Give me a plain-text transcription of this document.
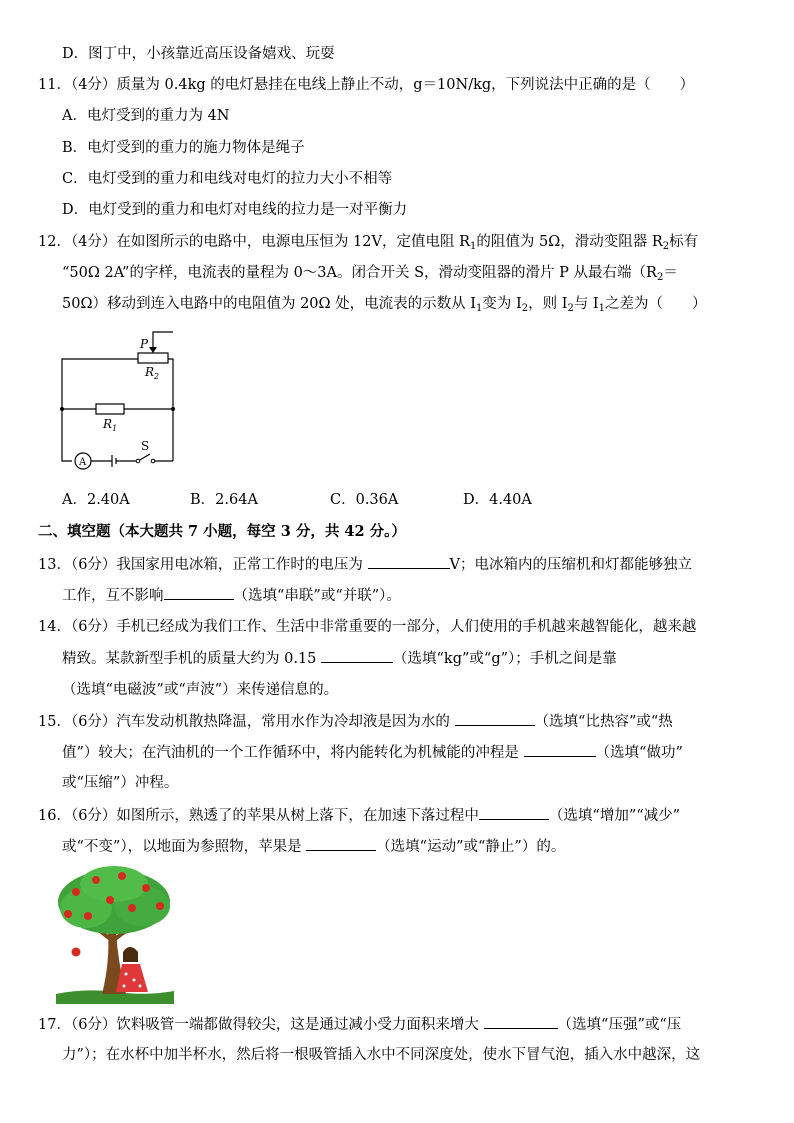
D．图丁中，小孩靠近高压设备嬉戏、玩耍
11．（4分）质量为 0.4kg 的电灯悬挂在电线上静止不动，g＝10N/kg，下列说法中正确的是（　　）
A．电灯受到的重力为 4N
B．电灯受到的重力的施力物体是绳子
C．电灯受到的重力和电线对电灯的拉力大小不相等
D．电灯受到的重力和电灯对电线的拉力是一对平衡力
12．（4分）在如图所示的电路中，电源电压恒为 12V，定值电阻 $R_1$的阻值为 5Ω，滑动变阻器 $R_2$标有
“50Ω 2A”的字样，电流表的量程为 0～3A。闭合开关 S，滑动变阻器的滑片 P 从最右端（$R_2=$
50Ω）移动到连入电路中的电阻值为 20Ω 处，电流表的示数从 $I_1$变为 $I_2$，则 $I_2$与 $I_1$之差为（　　）
P
$R_2$
$R_1$
S
A
A．2.40A	B．2.64A	C．0.36A	D．4.40A
二、填空题（本大题共 7 小题，每空 3 分，共 42 分。）
13．（6分）我国家用电冰箱，正常工作时的电压为	V；电冰箱内的压缩机和灯都能够独立
工作，互不影响	（选填“串联”或“并联”）。
14．（6分）手机已经成为我们工作、生活中非常重要的一部分，人们使用的手机越来越智能化，越来越
精致。某款新型手机的质量大约为 0.15	（选填“kg”或“g”）；手机之间是靠
（选填“电磁波”或“声波”）来传递信息的。
15．（6分）汽车发动机散热降温，常用水作为冷却液是因为水的	（选填“比热容”或“热
值”）较大；在汽油机的一个工作循环中，将内能转化为机械能的冲程是	（选填“做功”
或“压缩”）冲程。
16．（6分）如图所示，熟透了的苹果从树上落下，在加速下落过程中	（选填“增加”“减少”
或“不变”），以地面为参照物，苹果是	（选填“运动”或“静止”）的。
17．（6分）饮料吸管一端都做得较尖，这是通过减小受力面积来增大	（选填“压强”或“压
力”）；在水杯中加半杯水，然后将一根吸管插入水中不同深度处，使水下冒气泡，插入水中越深，这
